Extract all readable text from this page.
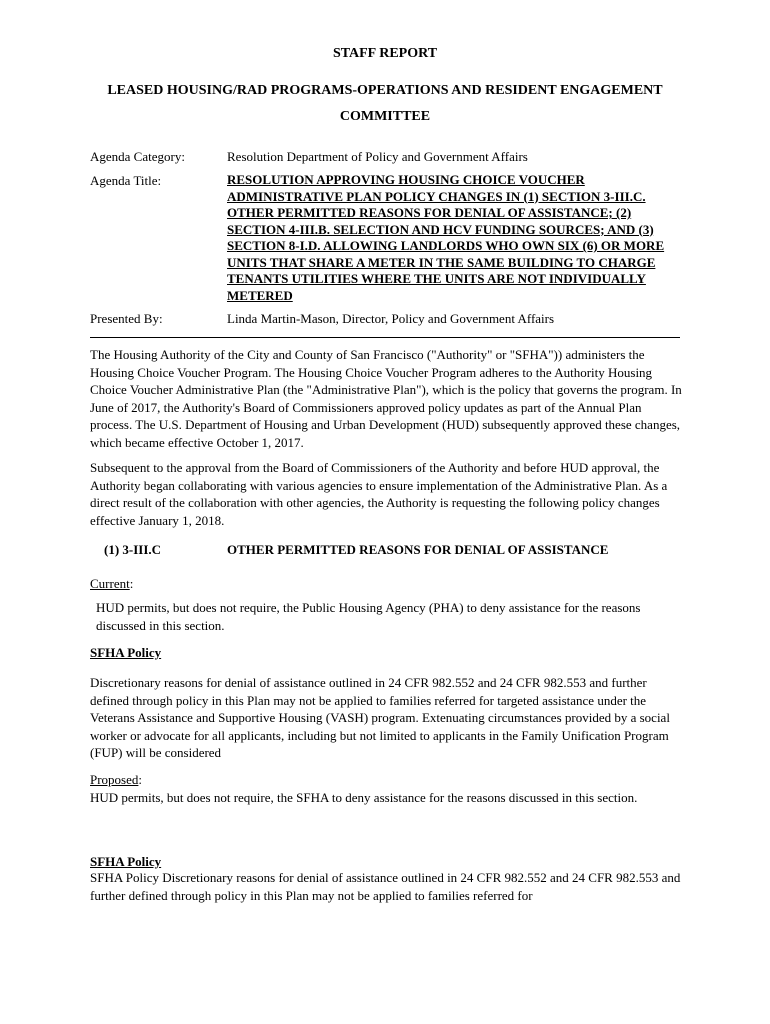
STAFF REPORT
LEASED HOUSING/RAD PROGRAMS-OPERATIONS AND RESIDENT ENGAGEMENT
COMMITTEE
Agenda Category:	Resolution Department of Policy and Government Affairs
Agenda Title:	RESOLUTION APPROVING HOUSING CHOICE VOUCHER ADMINISTRATIVE PLAN POLICY CHANGES IN (1) SECTION 3-III.C. OTHER PERMITTED REASONS FOR DENIAL OF ASSISTANCE; (2) SECTION 4-III.B. SELECTION AND HCV FUNDING SOURCES; AND (3) SECTION 8-I.D. ALLOWING LANDLORDS WHO OWN SIX (6) OR MORE UNITS THAT SHARE A METER IN THE SAME BUILDING TO CHARGE TENANTS UTILITIES WHERE THE UNITS ARE NOT INDIVIDUALLY METERED
Presented By:	Linda Martin-Mason, Director, Policy and Government Affairs
The Housing Authority of the City and County of San Francisco ("Authority" or "SFHA")) administers the Housing Choice Voucher Program. The Housing Choice Voucher Program adheres to the Authority Housing Choice Voucher Administrative Plan (the "Administrative Plan"), which is the policy that governs the program. In June of 2017, the Authority's Board of Commissioners approved policy updates as part of the Annual Plan process. The U.S. Department of Housing and Urban Development (HUD) subsequently approved these changes, which became effective October 1, 2017.
Subsequent to the approval from the Board of Commissioners of the Authority and before HUD approval, the Authority began collaborating with various agencies to ensure implementation of the Administrative Plan. As a direct result of the collaboration with other agencies, the Authority is requesting the following policy changes effective January 1, 2018.
(1) 3-III.C	OTHER PERMITTED REASONS FOR DENIAL OF ASSISTANCE
Current:
HUD permits, but does not require, the Public Housing Agency (PHA) to deny assistance for the reasons discussed in this section.
SFHA Policy
Discretionary reasons for denial of assistance outlined in 24 CFR 982.552 and 24 CFR 982.553 and further defined through policy in this Plan may not be applied to families referred for targeted assistance under the Veterans Assistance and Supportive Housing (VASH) program. Extenuating circumstances provided by a social worker or advocate for all applicants, including but not limited to applicants in the Family Unification Program (FUP) will be considered
Proposed:
HUD permits, but does not require, the SFHA to deny assistance for the reasons discussed in this section.
SFHA Policy
SFHA Policy Discretionary reasons for denial of assistance outlined in 24 CFR 982.552 and 24 CFR 982.553 and further defined through policy in this Plan may not be applied to families referred for
